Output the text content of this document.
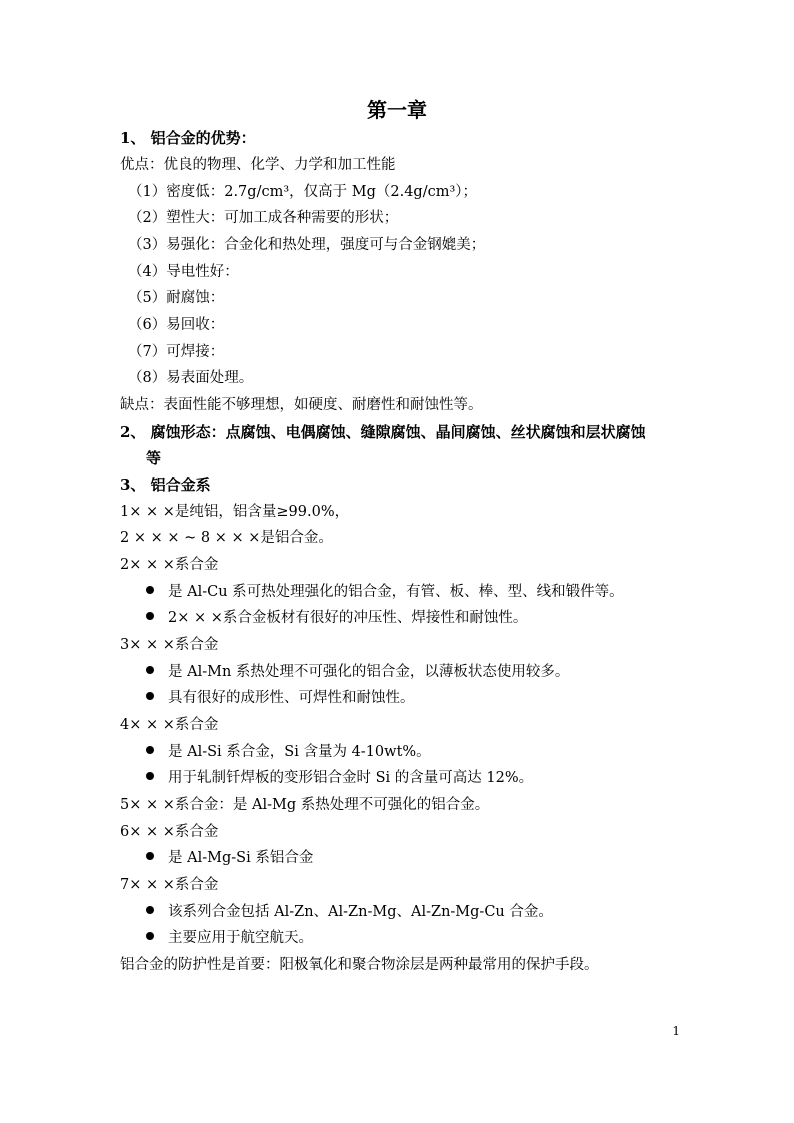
第一章
1、 铝合金的优势：
优点：优良的物理、化学、力学和加工性能
（1）密度低：2.7g/cm³，仅高于 Mg（2.4g/cm³）；
（2）塑性大：可加工成各种需要的形状；
（3）易强化：合金化和热处理，强度可与合金钢媲美；
（4）导电性好：
（5）耐腐蚀：
（6）易回收：
（7）可焊接：
（8）易表面处理。
缺点：表面性能不够理想，如硬度、耐磨性和耐蚀性等。
2、 腐蚀形态：点腐蚀、电偶腐蚀、缝隙腐蚀、晶间腐蚀、丝状腐蚀和层状腐蚀
等
3、 铝合金系
1× × ×是纯铝，铝含量≥99.0%，
2 × × × ~ 8 × × ×是铝合金。
2× × ×系合金
是 Al-Cu 系可热处理强化的铝合金，有管、板、棒、型、线和锻件等。
2× × ×系合金板材有很好的冲压性、焊接性和耐蚀性。
3× × ×系合金
是 Al-Mn 系热处理不可强化的铝合金，以薄板状态使用较多。
具有很好的成形性、可焊性和耐蚀性。
4× × ×系合金
是 Al-Si 系合金，Si 含量为 4-10wt%。
用于轧制钎焊板的变形铝合金时 Si 的含量可高达 12%。
5× × ×系合金：是 Al-Mg 系热处理不可强化的铝合金。
6× × ×系合金
是 Al-Mg-Si 系铝合金
7× × ×系合金
该系列合金包括 Al-Zn、Al-Zn-Mg、Al-Zn-Mg-Cu 合金。
主要应用于航空航天。
铝合金的防护性是首要：阳极氧化和聚合物涂层是两种最常用的保护手段。
1
